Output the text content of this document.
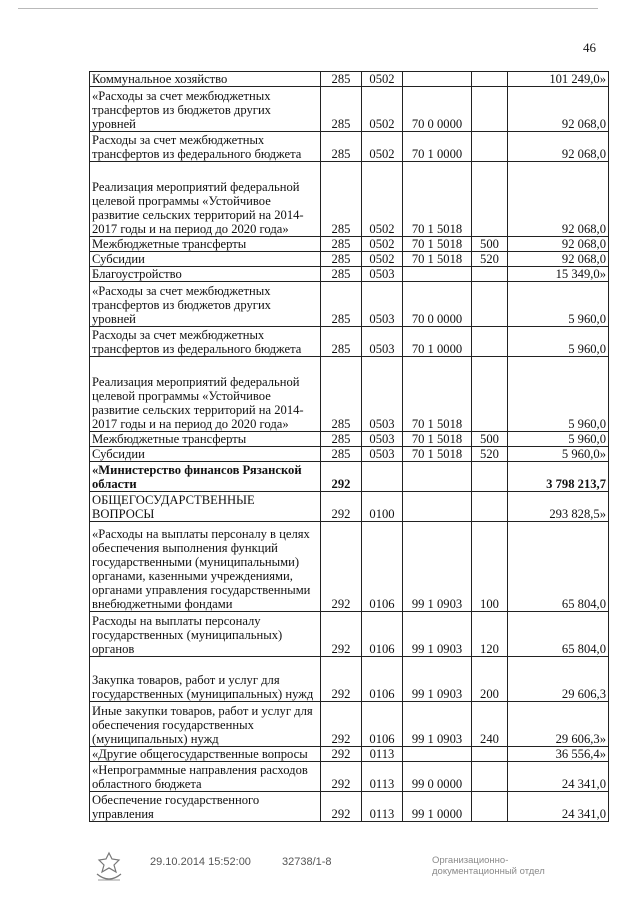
46
Коммунальное хозяйство	285	0502			101 249,0»
«Расходы за счет межбюджетных трансфертов из бюджетов других уровней	285	0502	70 0 0000		92 068,0
Расходы за счет межбюджетных трансфертов из федерального бюджета	285	0502	70 1 0000		92 068,0
Реализация мероприятий федеральной целевой программы «Устойчивое развитие сельских территорий на 2014-2017 годы и на период до 2020 года»	285	0502	70 1 5018		92 068,0
Межбюджетные трансферты	285	0502	70 1 5018	500	92 068,0
Субсидии	285	0502	70 1 5018	520	92 068,0
Благоустройство	285	0503			15 349,0»
«Расходы за счет межбюджетных трансфертов из бюджетов других уровней	285	0503	70 0 0000		5 960,0
Расходы за счет межбюджетных трансфертов из федерального бюджета	285	0503	70 1 0000		5 960,0
Реализация мероприятий федеральной целевой программы «Устойчивое развитие сельских территорий на 2014-2017 годы и на период до 2020 года»	285	0503	70 1 5018		5 960,0
Межбюджетные трансферты	285	0503	70 1 5018	500	5 960,0
Субсидии	285	0503	70 1 5018	520	5 960,0»
«Министерство финансов Рязанской области	292				3 798 213,7
ОБЩЕГОСУДАРСТВЕННЫЕ ВОПРОСЫ	292	0100			293 828,5»
«Расходы на выплаты персоналу в целях обеспечения выполнения функций государственными (муниципальными) органами, казенными учреждениями, органами управления государственными внебюджетными фондами	292	0106	99 1 0903	100	65 804,0
Расходы на выплаты персоналу государственных (муниципальных) органов	292	0106	99 1 0903	120	65 804,0
Закупка товаров, работ и услуг для государственных (муниципальных) нужд	292	0106	99 1 0903	200	29 606,3
Иные закупки товаров, работ и услуг для обеспечения государственных (муниципальных) нужд	292	0106	99 1 0903	240	29 606,3»
«Другие общегосударственные вопросы	292	0113			36 556,4»
«Непрограммные направления расходов областного бюджета	292	0113	99 0 0000		24 341,0
Обеспечение государственного управления	292	0113	99 1 0000		24 341,0
29.10.2014 15:52:00	32738/1-8	Организационно-
документационный отдел
